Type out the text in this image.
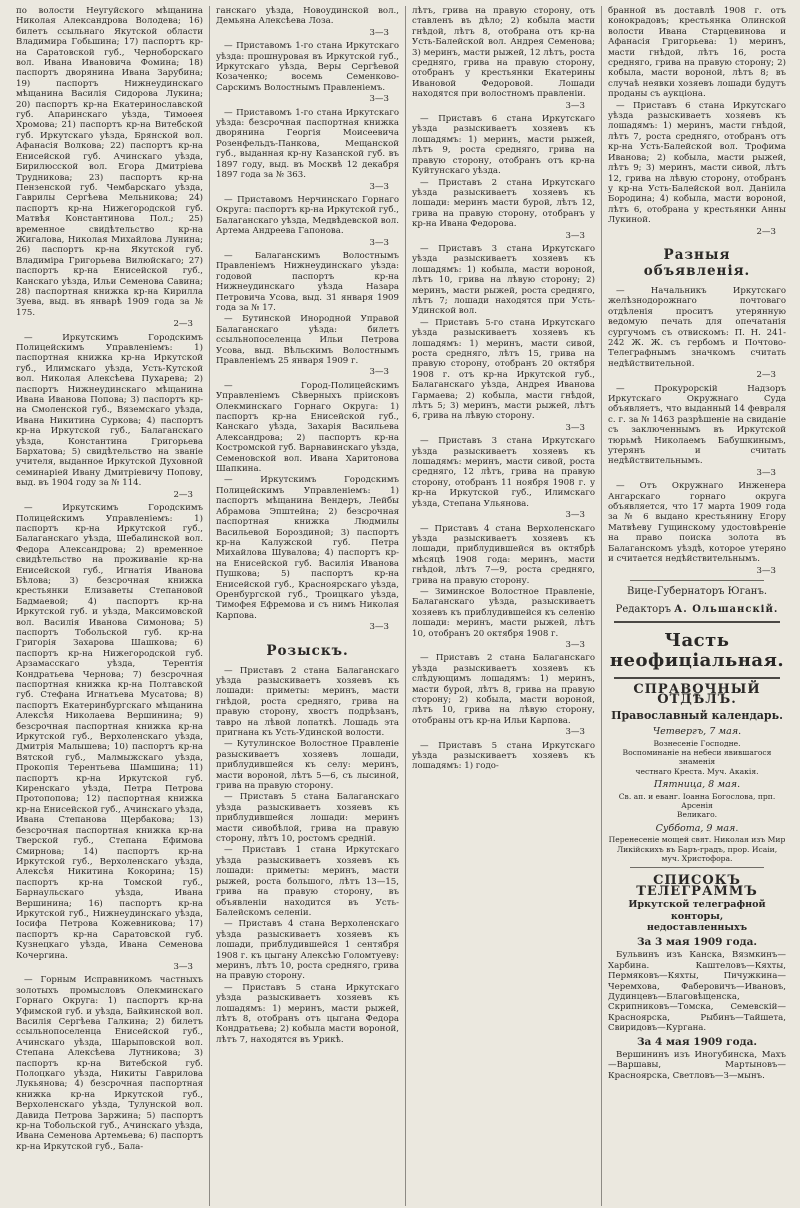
по волости Неугуйского мѣщанина Николая Александрова Володева; 16) билетъ ссыльнаго Якутской области Владимира Гобьшина; 17) паспортъ кр-на Саратовской губ., Черноборскаго вол. Ивана Ивановича Фомина; 18) паспортъ дворянина Ивана Зарубина; 19) паспортъ Нижнеудинскаго мѣщанина Василія Сидорова Лукина; 20) паспортъ кр-на Екатеринославской губ. Апаринскаго уѣзда, Тимоѳея Хромова; 21) паспортъ кр-на Витебской губ. Иркутскаго уѣзда, Брянской вол. Афанасія Волкова; 22) паспортъ кр-на Енисейской губ. Ачинскаго уѣзда, Бирилюсской вол. Егора Дмитріева Трудникова; 23) паспортъ кр-на Пензенской губ. Чембарскаго уѣзда, Гаврилы Сергѣева Мельникова; 24) паспортъ кр-на Нижегородской губ. Матвѣя Константинова Пол.; 25) временное свидѣтельство кр-на Жигалова, Николая Михайлова Лунина; 26) паспортъ кр-на Якутской губ. Владиміра Григорьева Вилюйскаго; 27) паспортъ кр-на Енисейской губ., Канскаго уѣзда, Ильи Семенова Савина; 28) паспортная книжка кр-на Кирилла Зуева, выд. въ январѣ 1909 года за № 175.

2—3

— Иркутскимъ Городскимъ Полицейскимъ Управленіемъ: 1) паспортная книжка кр-на Иркутской губ., Илимскаго уѣзда, Усть-Кутской вол. Николая Алексѣева Пухарева; 2) паспортъ Нижнеудинскаго мѣщанина Ивана Иванова Попова; 3) паспортъ кр-на Смоленской губ., Вяземскаго уѣзда, Ивана Никитина Суркова; 4) паспортъ кр-на Иркутской губ., Балаганскаго уѣзда, Константина Григорьева Бархатова; 5) свидѣтельство на званіе учителя, выданное Иркутской Духовной семинаріей Ивану Дмитріевичу Попову, выд. въ 1904 году за № 114.

2—3

— Иркутскимъ Городскимъ Полицейскимъ Управленіемъ: 1) паспортъ кр-на Иркутской губ., Балаганскаго уѣзда, Шебалинской вол. Федора Александрова; 2) временное свидѣтельство на проживаніе кр-на Енисейской губ., Игнатія Иванова Бѣлова; 3) безсрочная книжка крестьянки Елизаветы Степановой Бадмаевой; 4) паспортъ кр-на Иркутской губ. и уѣзда, Максимовской вол. Василія Иванова Симонова; 5) паспортъ Тобольской губ. кр-на Григорія Захарова Шашкова; 6) паспортъ кр-на Нижегородской губ. Арзамасскаго уѣзда, Терентія Кондратьева Чернова; 7) безсрочная паспортная книжка кр-на Полтавской губ. Стефана Игнатьева Мусатова; 8) паспортъ Екатеринбургскаго мѣщанина Алексѣя Николаева Вершинина; 9) безсрочная паспортная книжка кр-на Иркутской губ., Верхоленскаго уѣзда, Дмитрія Малышева; 10) паспортъ кр-на Вятской губ., Малмыжскаго уѣзда, Прокопія Терентьева Шамшина; 11) паспортъ кр-на Иркутской губ. Киренскаго уѣзда, Петра Петрова Протопопова; 12) паспортная книжка кр-на Енисейской губ., Ачинскаго уѣзда, Ивана Степанова Щербакова; 13) безсрочная паспортная книжка кр-на Тверской губ., Степана Ефимова Смирнова; 14) паспортъ кр-на Иркутской губ., Верхоленскаго уѣзда, Алексѣя Никитина Кокорина; 15) паспортъ кр-на Томской губ., Барнаульскаго уѣзда, Ивана Вершинина; 16) паспортъ кр-на Иркутской губ., Нижнеудинскаго уѣзда, Іосифа Петрова Кожевникова; 17) паспортъ кр-на Саратовской губ. Кузнецкаго уѣзда, Ивана Семенова Кочергина.

3—3

— Горным Исправникомъ частныхъ золотыхъ промысловъ Олекминскаго Горнаго Округа: 1) паспортъ кр-на Уфимской губ. и уѣзда, Байкинской вол. Василія Сергѣева Галкина; 2) билетъ ссыльнопоселенца Енисейской губ., Ачинскаго уѣзда, Шарыповской вол. Степана Алексѣева Лутникова; 3) паспортъ кр-на Витебской губ. Полоцкаго уѣзда, Никиты Гаврилова Лукьянова; 4) безсрочная паспортная книжка кр-на Иркутской губ., Верхоленскаго уѣзда, Тулунской вол. Давида Петрова Заржина; 5) паспортъ кр-на Тобольской губ., Ачинскаго уѣзда, Ивана Семенова Артемьева; 6) паспортъ кр-на Иркутской губ., Бала-

ганскаго уѣзда, Новоудинской вол., Демьяна Алексѣева Лоза.

3—3

— Приставомъ 1-го стана Иркутскаго уѣзда: прошнуровая въ Иркутской губ., Иркутскаго уѣзда, Веры Сергѣевой Козаченко; восемь Семенково-Сарскимъ Волостнымъ Правленіемъ.

3—3

— Приставомъ 1-го стана Иркутскаго уѣзда: безсрочная паспортная книжка дворянина Георгія Моисеевича Розенфельдъ-Панкова, Мещанской губ., выданная кр-ну Казанской губ. въ 1897 году, выд. въ Москвѣ 12 декабря 1897 года за № 363.

3—3

— Приставомъ Нерчинскаго Горнаго Округа: паспортъ кр-на Иркутской губ., Балаганскаго уѣзда, Медвѣдевской вол. Артема Андреева Гапонова.

3—3

— Балаганскимъ Волостнымъ Правленіемъ Нижнеудинскаго уѣзда: годовой паспортъ кр-на Нижнеудинскаго уѣзда Назара Петровича Усова, выд. 31 января 1909 года за № 17.

— Бутинской Инородной Управой Балаганскаго уѣзда: билетъ ссыльнопоселенца Ильи Петрова Усова, выд. Вѣльскимъ Волостнымъ Правленіемъ 25 января 1909 г.

3—3

— Город-Полицейскимъ Управленіемъ Сѣверныхъ пріисковъ Олекминскаго Горнаго Округа: 1) паспортъ кр-на Енисейской губ., Канскаго уѣзда, Захарія Васильева Александрова; 2) паспортъ кр-на Костромской губ. Варнавинскаго уѣзда, Семеновской вол. Ивана Харитонова Шапкина.

— Иркутскимъ Городскимъ Полицейскимъ Управленіемъ: 1) паспортъ мѣщанина Вендеръ, Лейбы Абрамова Эпштейна; 2) безсрочная паспортная книжка Людмилы Васильевой Бороздиной; 3) паспортъ кр-на Калужской губ. Петра Михайлова Шувалова; 4) паспортъ кр-на Енисейской губ. Василія Иванова Пушкова; 5) паспортъ кр-на Енисейской губ., Красноярскаго уѣзда, Оренбургской губ., Троицкаго уѣзда, Тимофея Ефремова и съ нимъ Николая Карпова.

3—3
Розыскъ.

— Приставъ 2 стана Балаганскаго уѣзда разыскиваетъ хозяевъ къ лошади: приметы: меринъ, масти гнѣдой, роста средняго, грива на правую сторону, хвостъ подрѣзанъ, тавро на лѣвой лопаткѣ. Лошадь эта пригнана къ Усть-Удинской волости.

— Кутулинское Волостное Правленіе разыскиваетъ хозяевъ лошади, приблудившейся къ селу: меринъ, масти вороной, лѣтъ 5—6, съ лысиной, грива на правую сторону.

— Приставъ 5 стана Балаганскаго уѣзда разыскиваетъ хозяевъ къ приблудившейся лошади: меринъ масти сивобѣлой, грива на правую сторону, лѣтъ 10, ростомъ средній.

— Приставъ 1 стана Иркутскаго уѣзда разыскиваетъ хозяевъ къ лошади: приметы: меринъ, масти рыжей, роста большого, лѣтъ 13—15, грива на правую сторону, въ объявленіи находится въ Усть-Балейскомъ селеніи.

— Приставъ 4 стана Верхоленскаго уѣзда разыскиваетъ хозяевъ къ лошади, приблудившейся 1 сентября 1908 г. къ цыгану Алексѣю Голомтуеву: меринъ, лѣтъ 10, роста средняго, грива на правую сторону.

— Приставъ 5 стана Иркутскаго уѣзда разыскиваетъ хозяевъ къ лошадямъ: 1) меринъ, масти рыжей, лѣтъ 8, отобранъ отъ цыгана Федора Кондратьева; 2) кобыла масти вороной, лѣтъ 7, находятся въ Урикѣ.

лѣтъ, грива на правую сторону, отъ ставленъ въ дѣло; 2) кобыла масти гнѣдой, лѣтъ 8, отобрана отъ кр-на Усть-Балейской вол. Андрея Семенова; 3) меринъ, масти рыжей, 12 лѣтъ, роста средняго, грива на правую сторону, отобранъ у крестьянки Екатерины Ивановой Федоровой. Лошади находятся при волостномъ правленіи.

3—3

— Приставъ 6 стана Иркутскаго уѣзда разыскиваетъ хозяевъ къ лошадямъ: 1) меринъ, масти рыжей, лѣтъ 9, роста средняго, грива на правую сторону, отобранъ отъ кр-на Куйтунскаго уѣзда.

— Приставъ 2 стана Иркутскаго уѣзда разыскиваетъ хозяевъ къ лошади: меринъ масти бурой, лѣтъ 12, грива на правую сторону, отобранъ у кр-на Ивана Федорова.

3—3

— Приставъ 3 стана Иркутскаго уѣзда разыскиваетъ хозяевъ къ лошадямъ: 1) кобыла, масти вороной, лѣтъ 10, грива на лѣвую сторону; 2) меринъ, масти рыжей, роста средняго, лѣтъ 7; лошади находятся при Усть-Удинской вол.

— Приставъ 5-го стана Иркутскаго уѣзда разыскиваетъ хозяевъ къ лошадямъ: 1) меринъ, масти сивой, роста средняго, лѣтъ 15, грива на правую сторону, отобранъ 20 октября 1908 г. отъ кр-на Иркутской губ., Балаганскаго уѣзда, Андрея Иванова Гармаева; 2) кобыла, масти гнѣдой, лѣтъ 5; 3) меринъ, масти рыжей, лѣтъ 6, грива на лѣвую сторону.

3—3

— Приставъ 3 стана Иркутскаго уѣзда разыскиваетъ хозяевъ къ лошадямъ: меринъ, масти сивой, роста средняго, 12 лѣтъ, грива на правую сторону, отобранъ 11 ноября 1908 г. у кр-на Иркутской губ., Илимскаго уѣзда, Степана Ульянова.

3—3

— Приставъ 4 стана Верхоленскаго уѣзда разыскиваетъ хозяевъ къ лошади, приблудившейся въ октябрѣ мѣсяцѣ 1908 года: меринъ, масти гнѣдой, лѣтъ 7—9, роста средняго, грива на правую сторону.

— Зиминское Волостное Правленіе, Балаганскаго уѣзда, разыскиваетъ хозяевъ къ приблудившейся къ селенію лошади: меринъ, масти рыжей, лѣтъ 10, отобранъ 20 октября 1908 г.

3—3

— Приставъ 2 стана Балаганскаго уѣзда разыскиваетъ хозяевъ къ слѣдующимъ лошадямъ: 1) меринъ, масти бурой, лѣтъ 8, грива на правую сторону; 2) кобыла, масти вороной, лѣтъ 10, грива на лѣвую сторону, отобраны отъ кр-на Ильи Карпова.

3—3

— Приставъ 5 стана Иркутскаго уѣзда разыскиваетъ хозяевъ къ лошадямъ: 1) годо-

бранной въ доставлѣ 1908 г. отъ конокрадовъ; крестьянка Олинской волости Ивана Старцевинова и Афанасія Григорьева: 1) меринъ, масти гнѣдой, лѣтъ 16, роста средняго, грива на правую сторону; 2) кобыла, масти вороной, лѣтъ 8; въ случаѣ неявки хозяевъ лошади будутъ проданы съ аукціона.

— Приставъ 6 стана Иркутскаго уѣзда разыскиваетъ хозяевъ къ лошадямъ: 1) меринъ, масти гнѣдой, лѣтъ 7, роста средняго, отобранъ отъ кр-на Усть-Балейской вол. Трофима Иванова; 2) кобыла, масти рыжей, лѣтъ 9; 3) меринъ, масти сивой, лѣтъ 12, грива на лѣвую сторону, отобранъ у кр-на Усть-Балейской вол. Даніила Бородина; 4) кобыла, масти вороной, лѣтъ 6, отобрана у крестьянки Анны Лукиной.

2—3
Разныя объявленія.

— Начальникъ Иркутскаго желѣзнодорожнаго почтоваго отдѣленія проситъ утерянную ведомую печать для опечатанія сургучомъ съ отвискомъ: П. Н. 241-242 Ж. Ж. съ гербомъ и Почтово-Телеграфнымъ значкомъ считать недѣйствительной.

2—3

— Прокурорскій Надзоръ Иркутскаго Окружнаго Суда объявляетъ, что выданный 14 февраля с. г. за № 1463 разрѣшеніе на свиданіе съ заключеннымъ въ Иркутской тюрьмѣ Николаемъ Бабушкинымъ, утерянъ и считать недѣйствительнымъ.

3—3

— Отъ Окружнаго Инженера Ангарскаго горнаго округа объявляется, что 17 марта 1909 года за № 6 выдано крестьянину Егору Матвѣеву Гущинскому удостовѣреніе на право поиска золота въ Балаганскомъ уѣздѣ, которое утеряно и считается недѣйствительнымъ.

3—3
Вице-Губернаторъ Юганъ.
Редакторъ А. Ольшанскій.
Часть неофиціальная.
СПРАВОЧНЫЙ ОТДѢЛЪ.
Православный календарь.
Четвергъ, 7 мая.
Вознесеніе Господне.
Воспоминаніе на небеси явившагося знаменія
честнаго Креста. Муч. Акакія.
Пятница, 8 мая.
Св. ап. и еванг. Іоанна Богослова, прп. Арсенія
Великаго.
Суббота, 9 мая.
Перенесеніе мощей свят. Николая изъ Мир
Ликійскихъ въ Баръ-градъ, прор. Исаіи, муч. Христофора.
СПИСОКЪ ТЕЛЕГРАММЪ
Иркутской телеграфной конторы,
недоставленныхъ
За 3 мая 1909 года.

Бульвинъ изъ Канска, Вязмкинъ—Харбина. Каштеловъ—Кяхты, Пермяковъ—Кяхты, Пичужкина—Черемхова, Фаберовичъ—Ивановъ, Дудинцевъ—Благовѣщенска, Скрипниковъ—Томска, Семевскій—Красноярска, Рыбинъ—Тайшета, Свиридовъ—Кургана.

За 4 мая 1909 года.

Вершининъ изъ Иногубинска, Махъ—Варшавы, Мартыновъ—Красноярска, Светловъ—З—мынъ.
